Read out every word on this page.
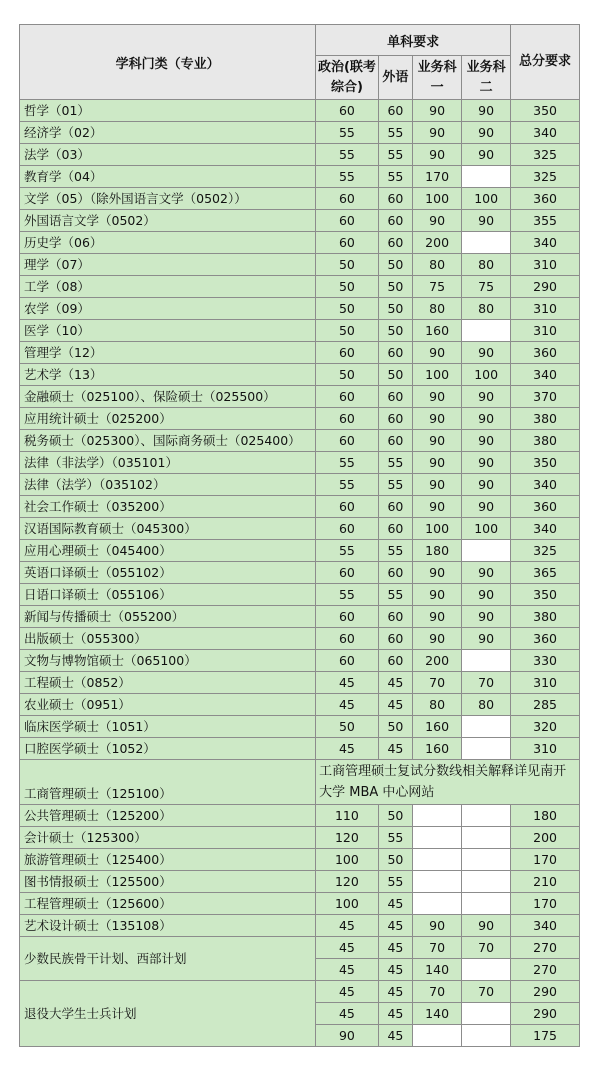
学科门类（专业）	单科要求				总分要求
	政治(联考综合)	外语	业务科一	业务科二	
哲学（01）	60	60	90	90	350
经济学（02）	55	55	90	90	340
法学（03）	55	55	90	90	325
教育学（04）	55	55	170		325
文学（05）（除外国语言文学（0502））	60	60	100	100	360
外国语言文学（0502）	60	60	90	90	355
历史学（06）	60	60	200		340
理学（07）	50	50	80	80	310
工学（08）	50	50	75	75	290
农学（09）	50	50	80	80	310
医学（10）	50	50	160		310
管理学（12）	60	60	90	90	360
艺术学（13）	50	50	100	100	340
金融硕士（025100）、保险硕士（025500）	60	60	90	90	370
应用统计硕士（025200）	60	60	90	90	380
税务硕士（025300）、国际商务硕士（025400）	60	60	90	90	380
法律（非法学）（035101）	55	55	90	90	350
法律（法学）（035102）	55	55	90	90	340
社会工作硕士（035200）	60	60	90	90	360
汉语国际教育硕士（045300）	60	60	100	100	340
应用心理硕士（045400）	55	55	180		325
英语口译硕士（055102）	60	60	90	90	365
日语口译硕士（055106）	55	55	90	90	350
新闻与传播硕士（055200）	60	60	90	90	380
出版硕士（055300）	60	60	90	90	360
文物与博物馆硕士（065100）	60	60	200		330
工程硕士（0852）	45	45	70	70	310
农业硕士（0951）	45	45	80	80	285
临床医学硕士（1051）	50	50	160		320
口腔医学硕士（1052）	45	45	160		310
工商管理硕士（125100）	工商管理硕士复试分数线相关解释详见南开大学 MBA 中心网站				
公共管理硕士（125200）	110	50			180
会计硕士（125300）	120	55			200
旅游管理硕士（125400）	100	50			170
图书情报硕士（125500）	120	55			210
工程管理硕士（125600）	100	45			170
艺术设计硕士（135108）	45	45	90	90	340
少数民族骨干计划、西部计划	45	45	70	70	270
	45	45	140		270
退役大学生士兵计划	45	45	70	70	290
	45	45	140		290
	90	45			175
